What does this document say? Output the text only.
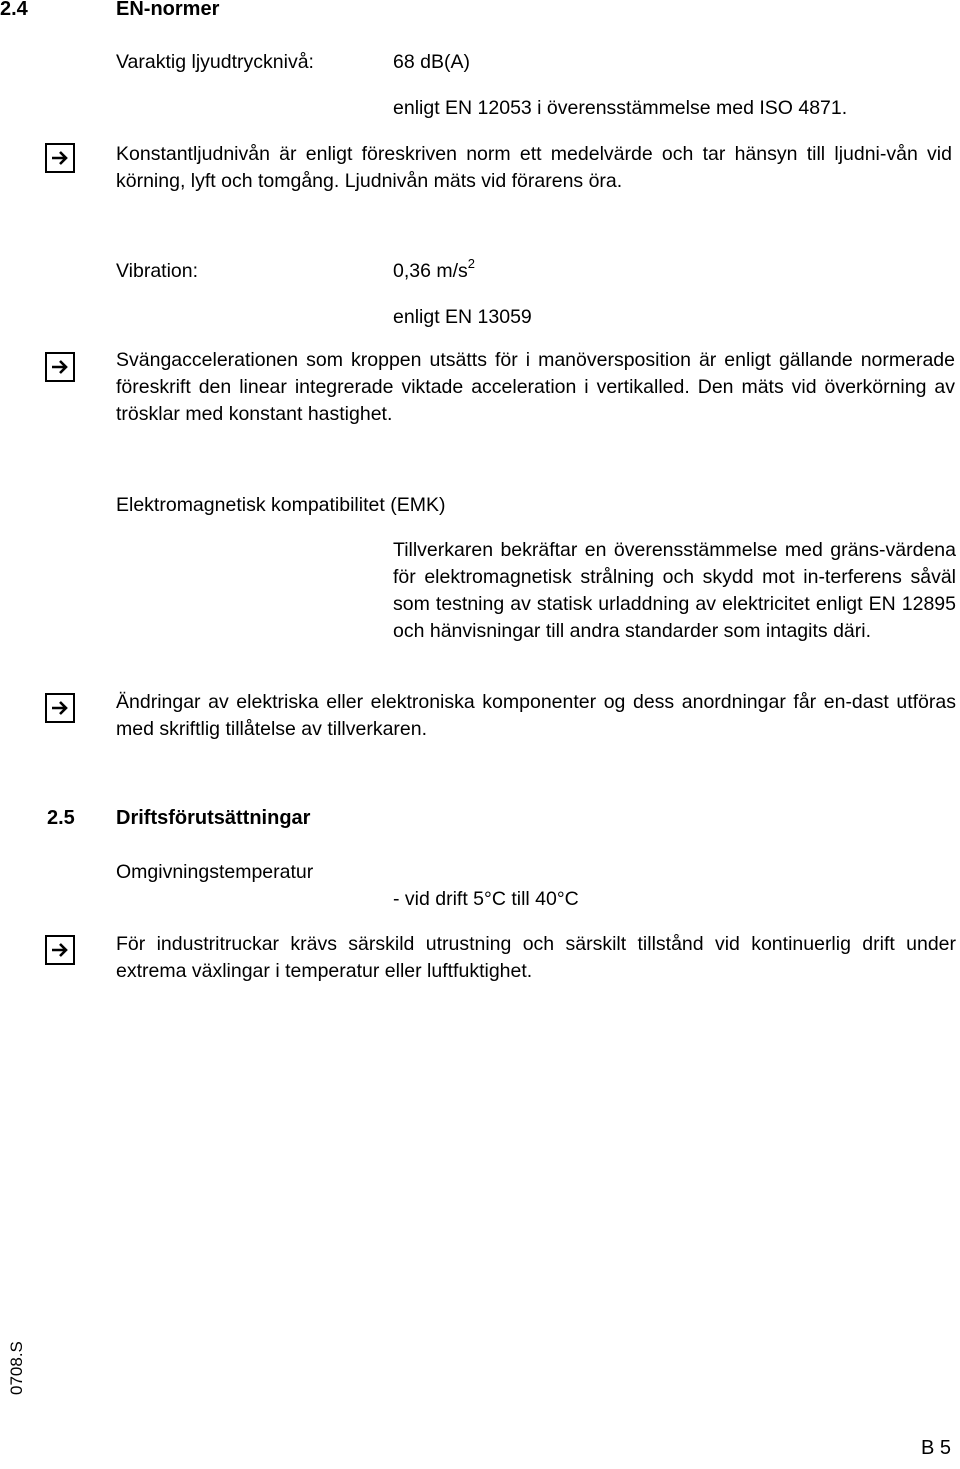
2.4	EN-normer
Varaktig ljyudtrycknivå:	68 dB(A)
enligt EN 12053 i överensstämmelse med ISO 4871.
Konstantljudnivån är enligt föreskriven norm ett medelvärde och tar hänsyn till ljudni-vån vid körning, lyft och tomgång. Ljudnivån mäts vid förarens öra.
Vibration:	0,36 $m/s^2$
enligt EN 13059
Svängaccelerationen som kroppen utsätts för i manöversposition är enligt gällande normerade föreskrift den linear integrerade viktade acceleration i vertikalled. Den mäts vid överkörning av trösklar med konstant hastighet.
Elektromagnetisk kompatibilitet (EMK)
Tillverkaren bekräftar en överensstämmelse med gräns-värdena för elektromagnetisk strålning och skydd mot in-terferens såväl som testning av statisk urladdning av elektricitet enligt EN 12895 och hänvisningar till andra standarder som intagits däri.
Ändringar av elektriska eller elektroniska komponenter og dess anordningar får en-dast utföras med skriftlig tillåtelse av tillverkaren.
2.5 Driftsförutsättningar
Omgivningstemperatur
- vid drift 5°C till 40°C
För industritruckar krävs särskild utrustning och särskilt tillstånd vid kontinuerlig drift under extrema växlingar i temperatur eller luftfuktighet.
0708.S
B 5
